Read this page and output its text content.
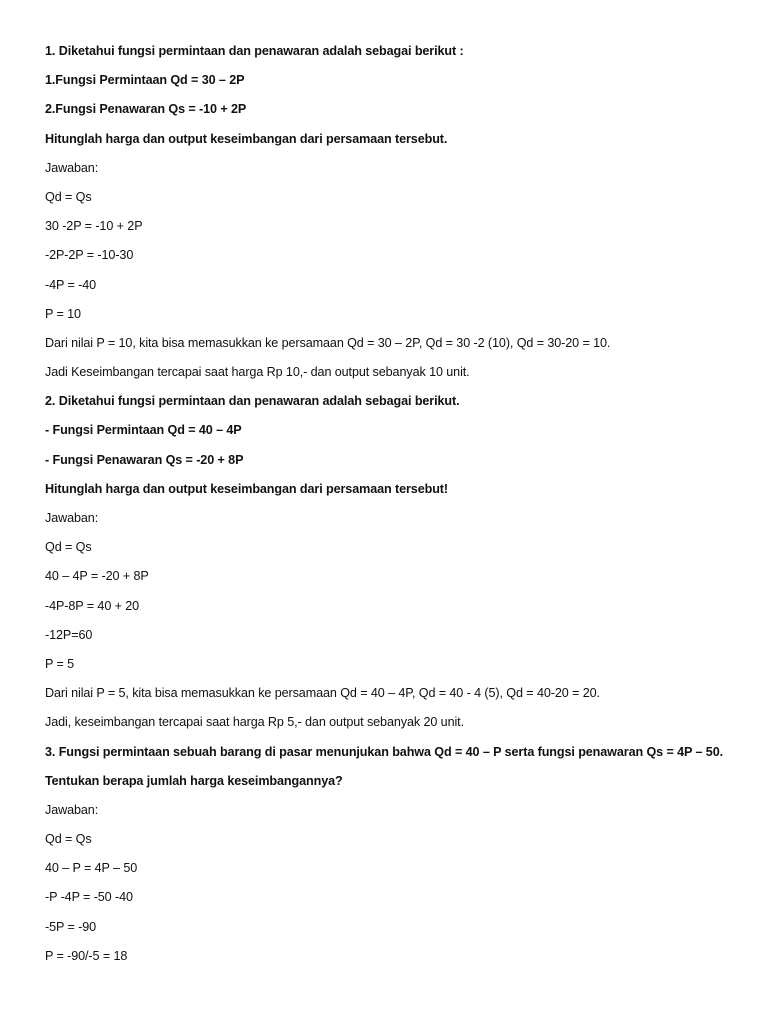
1. Diketahui fungsi permintaan dan penawaran adalah sebagai berikut :
1.Fungsi Permintaan Qd = 30 – 2P
2.Fungsi Penawaran Qs = -10 + 2P
Hitunglah harga dan output keseimbangan dari persamaan tersebut.
Jawaban:
Qd = Qs
30 -2P = -10 + 2P
-2P-2P = -10-30
-4P = -40
P = 10
Dari nilai P = 10, kita bisa memasukkan ke persamaan Qd = 30 – 2P, Qd = 30 -2 (10), Qd = 30-20 = 10.
Jadi Keseimbangan tercapai saat harga Rp 10,- dan output sebanyak 10 unit.
2. Diketahui fungsi permintaan dan penawaran adalah sebagai berikut.
- Fungsi Permintaan Qd = 40 – 4P
- Fungsi Penawaran Qs = -20 + 8P
Hitunglah harga dan output keseimbangan dari persamaan tersebut!
Jawaban:
Qd = Qs
40 – 4P = -20 + 8P
-4P-8P = 40 + 20
-12P=60
P = 5
Dari nilai P = 5, kita bisa memasukkan ke persamaan Qd = 40 – 4P, Qd = 40 - 4 (5), Qd = 40-20 = 20.
Jadi, keseimbangan tercapai saat harga Rp 5,- dan output sebanyak 20 unit.
3. Fungsi permintaan sebuah barang di pasar menunjukan bahwa Qd = 40 – P serta fungsi penawaran Qs = 4P – 50.
Tentukan berapa jumlah harga keseimbangannya?
Jawaban:
Qd = Qs
40 – P = 4P – 50
-P -4P = -50 -40
-5P = -90
P = -90/-5 = 18
